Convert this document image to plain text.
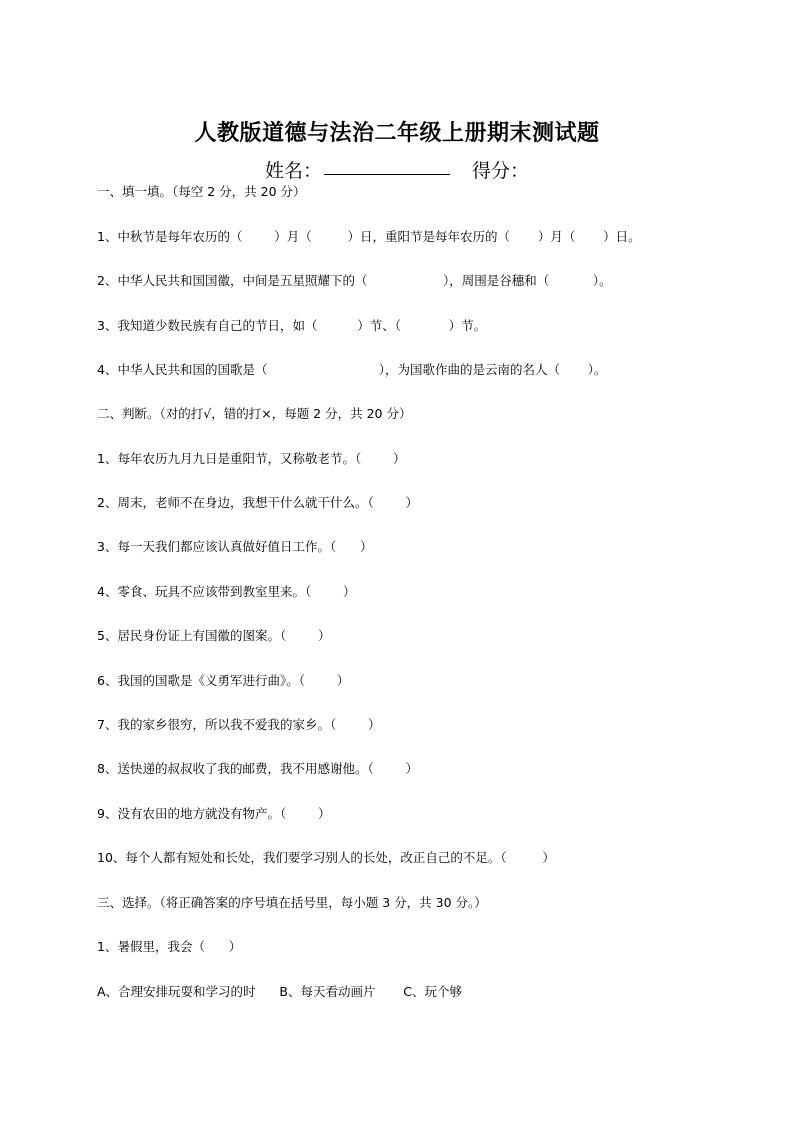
人教版道德与法治二年级上册期末测试题
姓名：	得分：
一、填一填。（每空 2 分，共 20 分）
1、中秋节是每年农历的（        ）月（         ）日，重阳节是每年农历的（       ）月（       ）日。
2、中华人民共和国国徽，中间是五星照耀下的（                   ），周围是谷穗和（           ）。
3、我知道少数民族有自己的节日，如（          ）节、（            ）节。
4、中华人民共和国的国歌是（                            ），为国歌作曲的是云南的名人（       ）。
二、判断。（对的打√，错的打×，每题 2 分，共 20 分）
1、每年农历九月九日是重阳节，又称敬老节。（        ）
2、周末，老师不在身边，我想干什么就干什么。（        ）
3、每一天我们都应该认真做好值日工作。（      ）
4、零食、玩具不应该带到教室里来。（        ）
5、居民身份证上有国徽的图案。（        ）
6、我国的国歌是《义勇军进行曲》。（        ）
7、我的家乡很穷，所以我不爱我的家乡。（        ）
8、送快递的叔叔收了我的邮费，我不用感谢他。（        ）
9、没有农田的地方就没有物产。（        ）
10、每个人都有短处和长处，我们要学习别人的长处，改正自己的不足。（         ）
三、选择。（将正确答案的序号填在括号里，每小题 3 分，共 30 分。）
1、暑假里，我会（      ）
A、合理安排玩耍和学习的时      B、每天看动画片       C、玩个够
